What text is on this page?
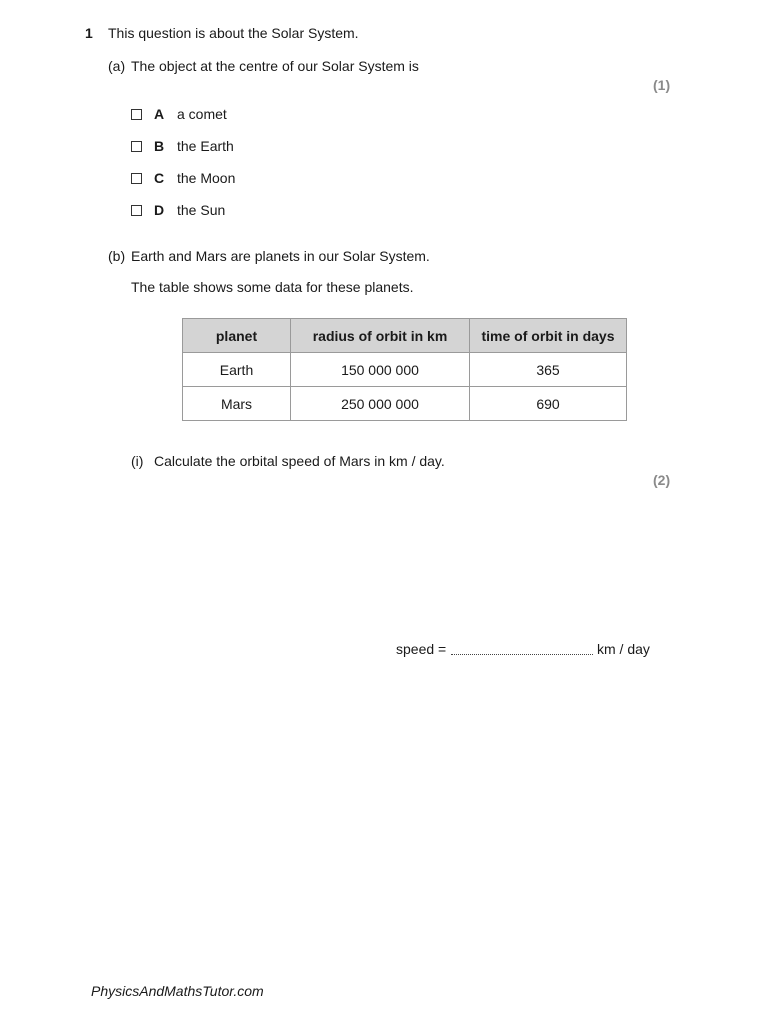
1 This question is about the Solar System.
(a) The object at the centre of our Solar System is
(1)
A a comet
B the Earth
C the Moon
D the Sun
(b) Earth and Mars are planets in our Solar System.
The table shows some data for these planets.
planet	radius of orbit in km	time of orbit in days
Earth	150 000 000	365
Mars	250 000 000	690
(i) Calculate the orbital speed of Mars in km / day.
(2)
speed =	km / day
PhysicsAndMathsTutor.com
